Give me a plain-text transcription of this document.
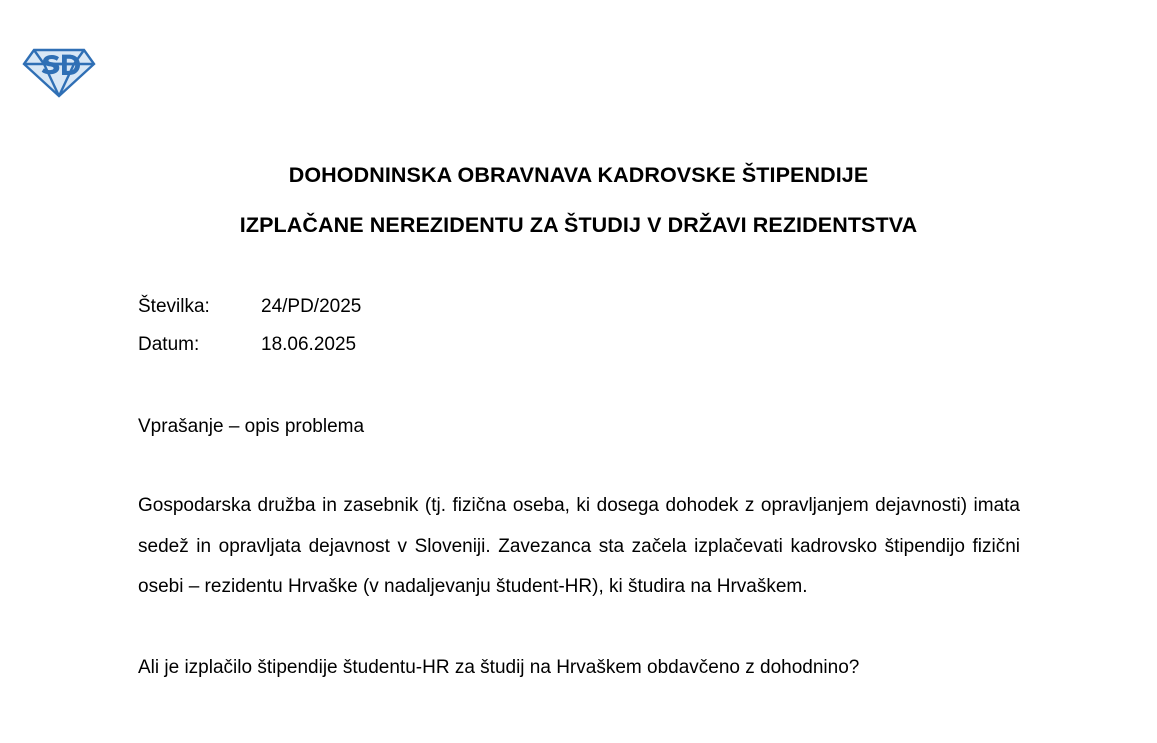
DOHODNINSKA OBRAVNAVA KADROVSKE ŠTIPENDIJE
IZPLAČANE NEREZIDENTU ZA ŠTUDIJ V DRŽAVI REZIDENTSTVA
Številka:	24/PD/2025
Datum:	18.06.2025
Vprašanje – opis problema
Gospodarska družba in zasebnik (tj. fizična oseba, ki dosega dohodek z opravljanjem dejavnosti) imata sedež in opravljata dejavnost v Sloveniji. Zavezanca sta začela izplačevati kadrovsko štipendijo fizični osebi – rezidentu Hrvaške (v nadaljevanju študent-HR), ki študira na Hrvaškem.
Ali je izplačilo štipendije študentu-HR za študij na Hrvaškem obdavčeno z dohodnino?
